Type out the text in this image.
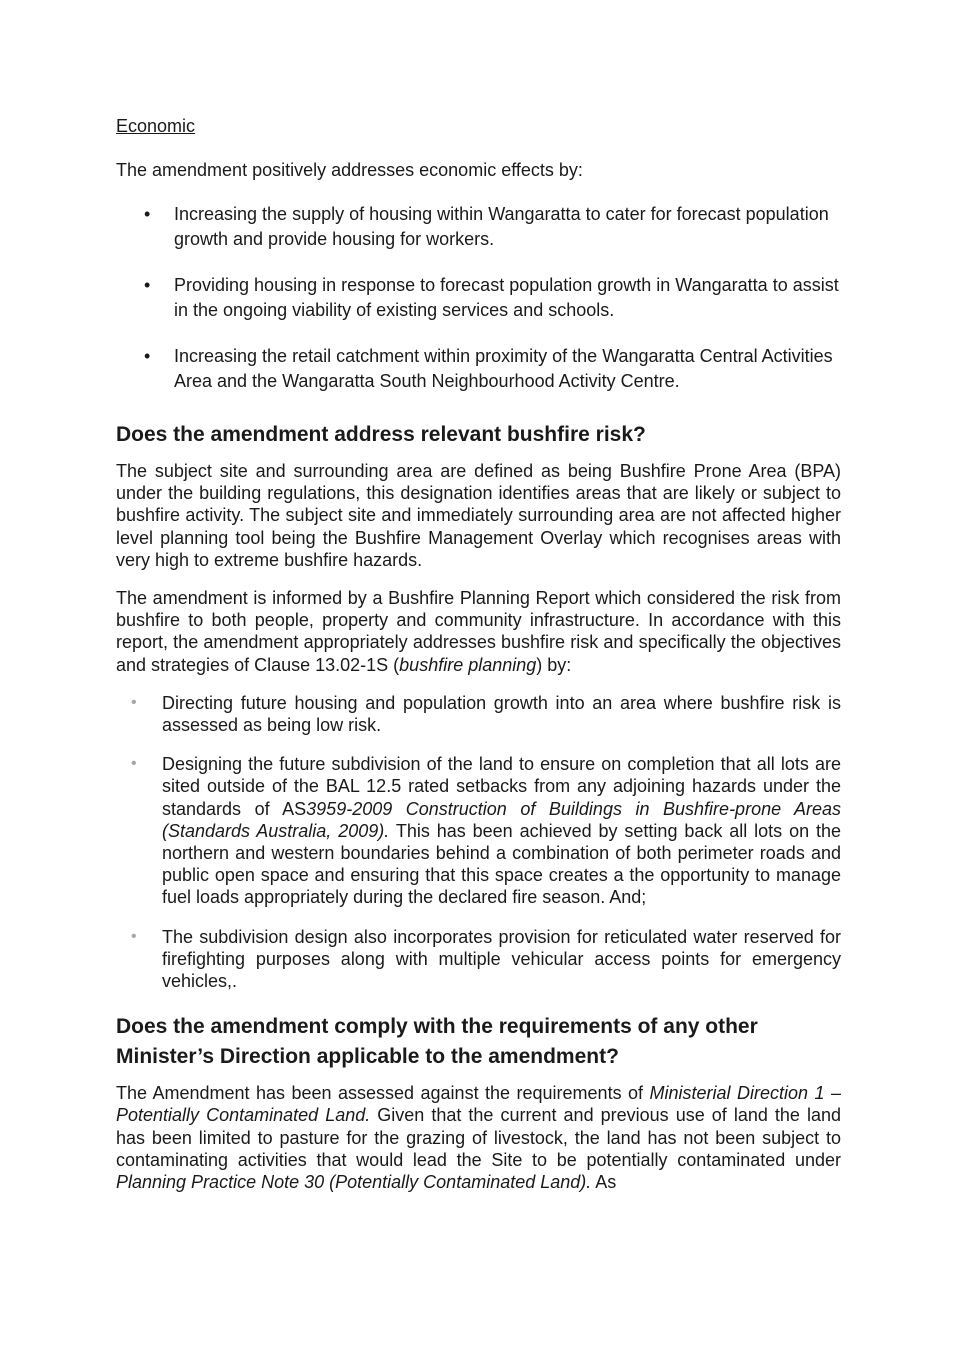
Economic
The amendment positively addresses economic effects by:
• Increasing the supply of housing within Wangaratta to cater for forecast population growth and provide housing for workers.
• Providing housing in response to forecast population growth in Wangaratta to assist in the ongoing viability of existing services and schools.
• Increasing the retail catchment within proximity of the Wangaratta Central Activities Area and the Wangaratta South Neighbourhood Activity Centre.
Does the amendment address relevant bushfire risk?

The subject site and surrounding area are defined as being Bushfire Prone Area (BPA) under the building regulations, this designation identifies areas that are likely or subject to bushfire activity. The subject site and immediately surrounding area are not affected higher level planning tool being the Bushfire Management Overlay which recognises areas with very high to extreme bushfire hazards.

The amendment is informed by a Bushfire Planning Report which considered the risk from bushfire to both people, property and community infrastructure. In accordance with this report, the amendment appropriately addresses bushfire risk and specifically the objectives and strategies of Clause 13.02-1S (bushfire planning) by:

• Directing future housing and population growth into an area where bushfire risk is assessed as being low risk.
• Designing the future subdivision of the land to ensure on completion that all lots are sited outside of the BAL 12.5 rated setbacks from any adjoining hazards under the standards of AS3959-2009 Construction of Buildings in Bushfire-prone Areas (Standards Australia, 2009). This has been achieved by setting back all lots on the northern and western boundaries behind a combination of both perimeter roads and public open space and ensuring that this space creates a the opportunity to manage fuel loads appropriately during the declared fire season. And;
• The subdivision design also incorporates provision for reticulated water reserved for firefighting purposes along with multiple vehicular access points for emergency vehicles,.
Does the amendment comply with the requirements of any other Minister’s Direction applicable to the amendment?

The Amendment has been assessed against the requirements of Ministerial Direction 1 – Potentially Contaminated Land. Given that the current and previous use of land the land has been limited to pasture for the grazing of livestock, the land has not been subject to contaminating activities that would lead the Site to be potentially contaminated under Planning Practice Note 30 (Potentially Contaminated Land). As
